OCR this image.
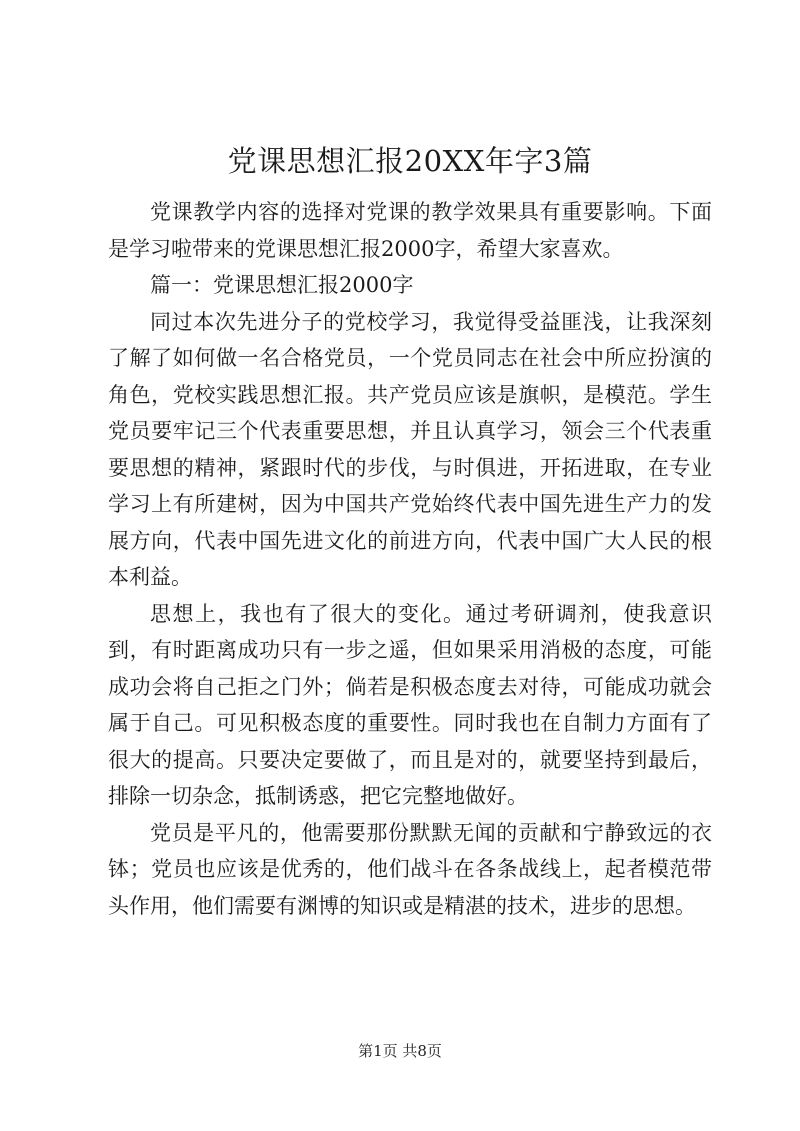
党课思想汇报20XX年字3篇

党课教学内容的选择对党课的教学效果具有重要影响。下面是学习啦带来的党课思想汇报2000字，希望大家喜欢。

篇一：党课思想汇报2000字

同过本次先进分子的党校学习，我觉得受益匪浅，让我深刻了解了如何做一名合格党员，一个党员同志在社会中所应扮演的角色，党校实践思想汇报。共产党员应该是旗帜，是模范。学生党员要牢记三个代表重要思想，并且认真学习，领会三个代表重要思想的精神，紧跟时代的步伐，与时俱进，开拓进取，在专业学习上有所建树，因为中国共产党始终代表中国先进生产力的发展方向，代表中国先进文化的前进方向，代表中国广大人民的根本利益。

思想上，我也有了很大的变化。通过考研调剂，使我意识到，有时距离成功只有一步之遥，但如果采用消极的态度，可能成功会将自己拒之门外；倘若是积极态度去对待，可能成功就会属于自己。可见积极态度的重要性。同时我也在自制力方面有了很大的提高。只要决定要做了，而且是对的，就要坚持到最后，排除一切杂念，抵制诱惑，把它完整地做好。

党员是平凡的，他需要那份默默无闻的贡献和宁静致远的衣钵；党员也应该是优秀的，他们战斗在各条战线上，起者模范带头作用，他们需要有渊博的知识或是精湛的技术，进步的思想。

第1页 共8页
